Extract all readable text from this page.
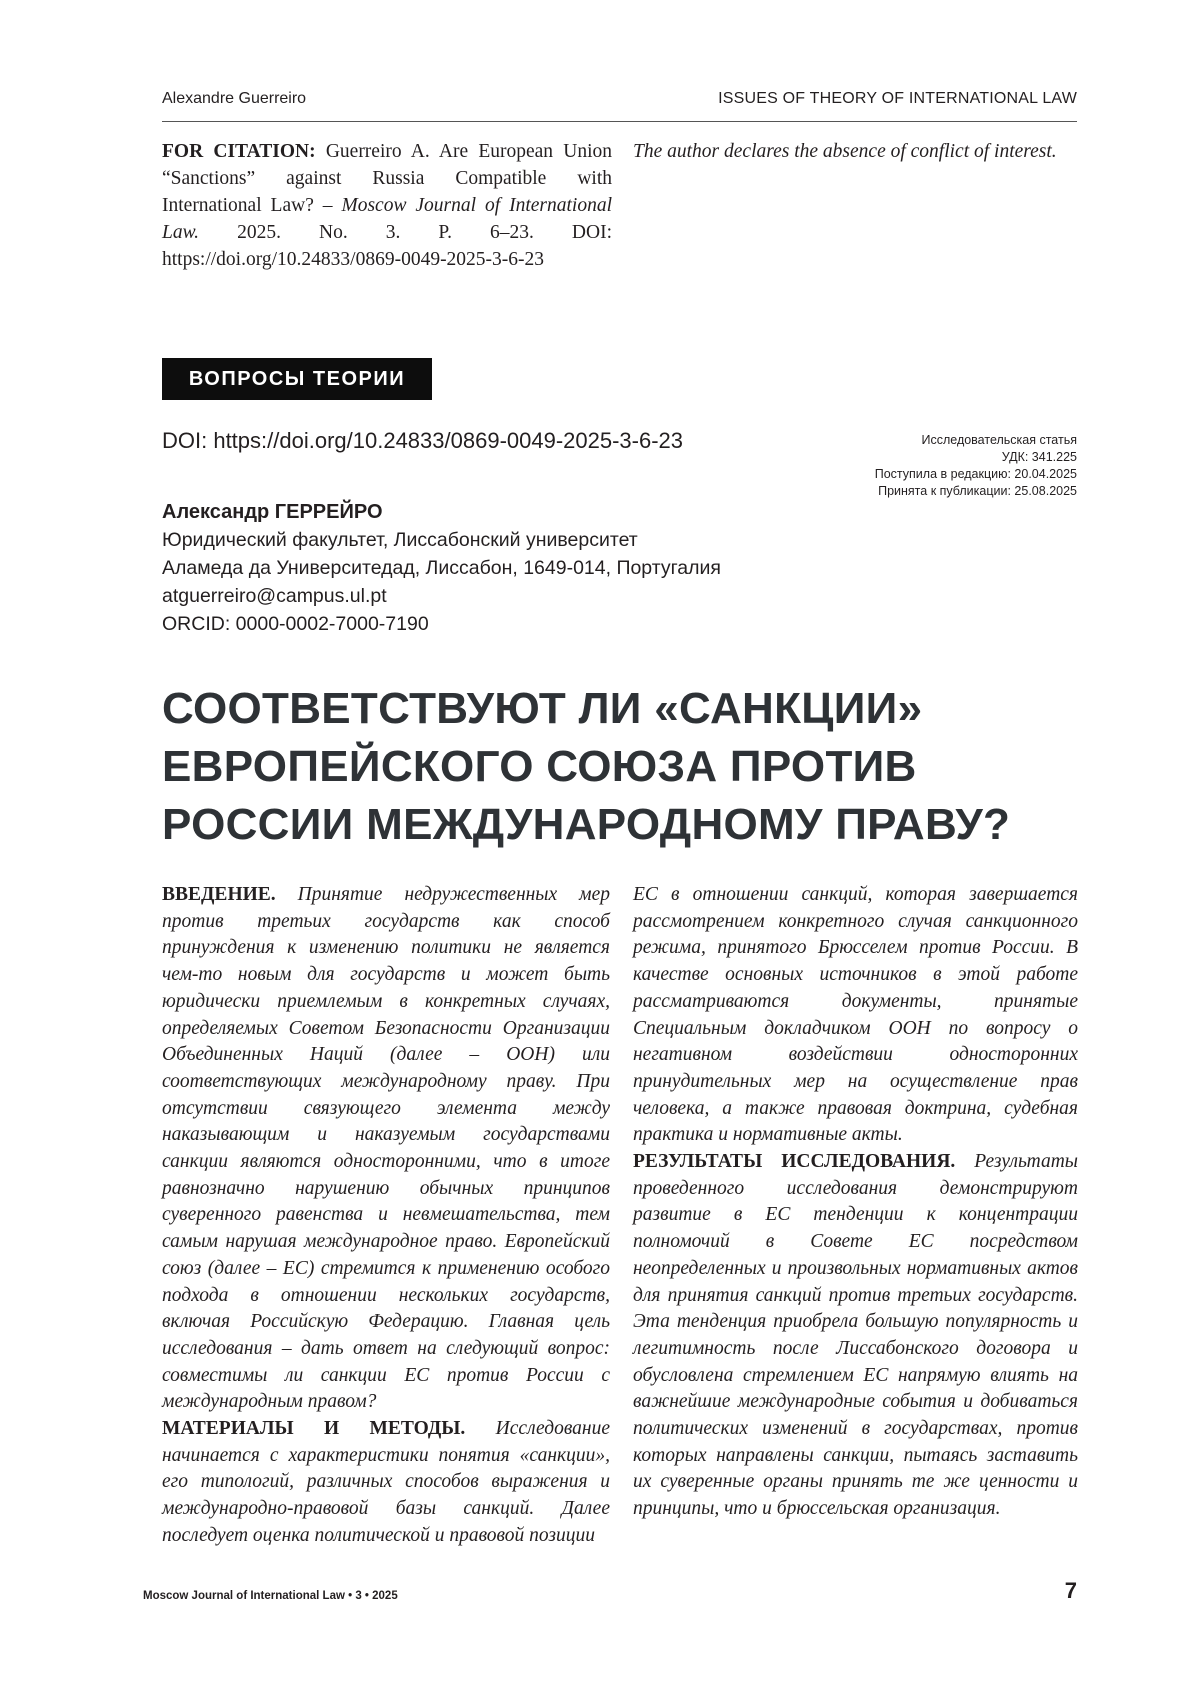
Alexandre Guerreiro	ISSUES OF THEORY OF INTERNATIONAL LAW
FOR CITATION: Guerreiro A. Are European Union “Sanctions” against Russia Compatible with International Law? – Moscow Journal of International Law. 2025. No. 3. P. 6–23. DOI: https://doi.org/10.24833/0869-0049-2025-3-6-23
The author declares the absence of conflict of interest.
ВОПРОСЫ ТЕОРИИ
DOI: https://doi.org/10.24833/0869-0049-2025-3-6-23	Исследовательская статья
УДК: 341.225
Поступила в редакцию: 20.04.2025
Принята к публикации: 25.08.2025
Александр ГЕРРЕЙРО
Юридический факультет, Лиссабонский университет
Аламеда да Университедад, Лиссабон, 1649-014, Португалия
atguerreiro@campus.ul.pt
ORCID: 0000-0002-7000-7190
СООТВЕТСТВУЮТ ЛИ «САНКЦИИ» ЕВРОПЕЙСКОГО СОЮЗА ПРОТИВ РОССИИ МЕЖДУНАРОДНОМУ ПРАВУ?

ВВЕДЕНИЕ. Принятие недружественных мер против третьих государств как способ принуждения к изменению политики не является чем-то новым для государств и может быть юридически приемлемым в конкретных случаях, определяемых Советом Безопасности Организации Объединенных Наций (далее – ООН) или соответствующих международному праву. При отсутствии связующего элемента между наказывающим и наказуемым государствами санкции являются односторонними, что в итоге равнозначно нарушению обычных принципов суверенного равенства и невмешательства, тем самым нарушая международное право. Европейский союз (далее – ЕС) стремится к применению особого подхода в отношении нескольких государств, включая Российскую Федерацию. Главная цель исследования – дать ответ на следующий вопрос: совместимы ли санкции ЕС против России с международным правом?

МАТЕРИАЛЫ И МЕТОДЫ. Исследование начинается с характеристики понятия «санкции», его типологий, различных способов выражения и международно-правовой базы санкций. Далее последует оценка политической и правовой позиции

ЕС в отношении санкций, которая завершается рассмотрением конкретного случая санкционного режима, принятого Брюсселем против России. В качестве основных источников в этой работе рассматриваются документы, принятые Специальным докладчиком ООН по вопросу о негативном воздействии односторонних принудительных мер на осуществление прав человека, а также правовая доктрина, судебная практика и нормативные акты.

РЕЗУЛЬТАТЫ ИССЛЕДОВАНИЯ. Результаты проведенного исследования демонстрируют развитие в ЕС тенденции к концентрации полномочий в Совете ЕС посредством неопределенных и произвольных нормативных актов для принятия санкций против третьих государств. Эта тенденция приобрела большую популярность и легитимность после Лиссабонского договора и обусловлена стремлением ЕС напрямую влиять на важнейшие международные события и добиваться политических изменений в государствах, против которых направлены санкции, пытаясь заставить их суверенные органы принять те же ценности и принципы, что и брюссельская организация.

Moscow Journal of International Law • 3 • 2025	7
